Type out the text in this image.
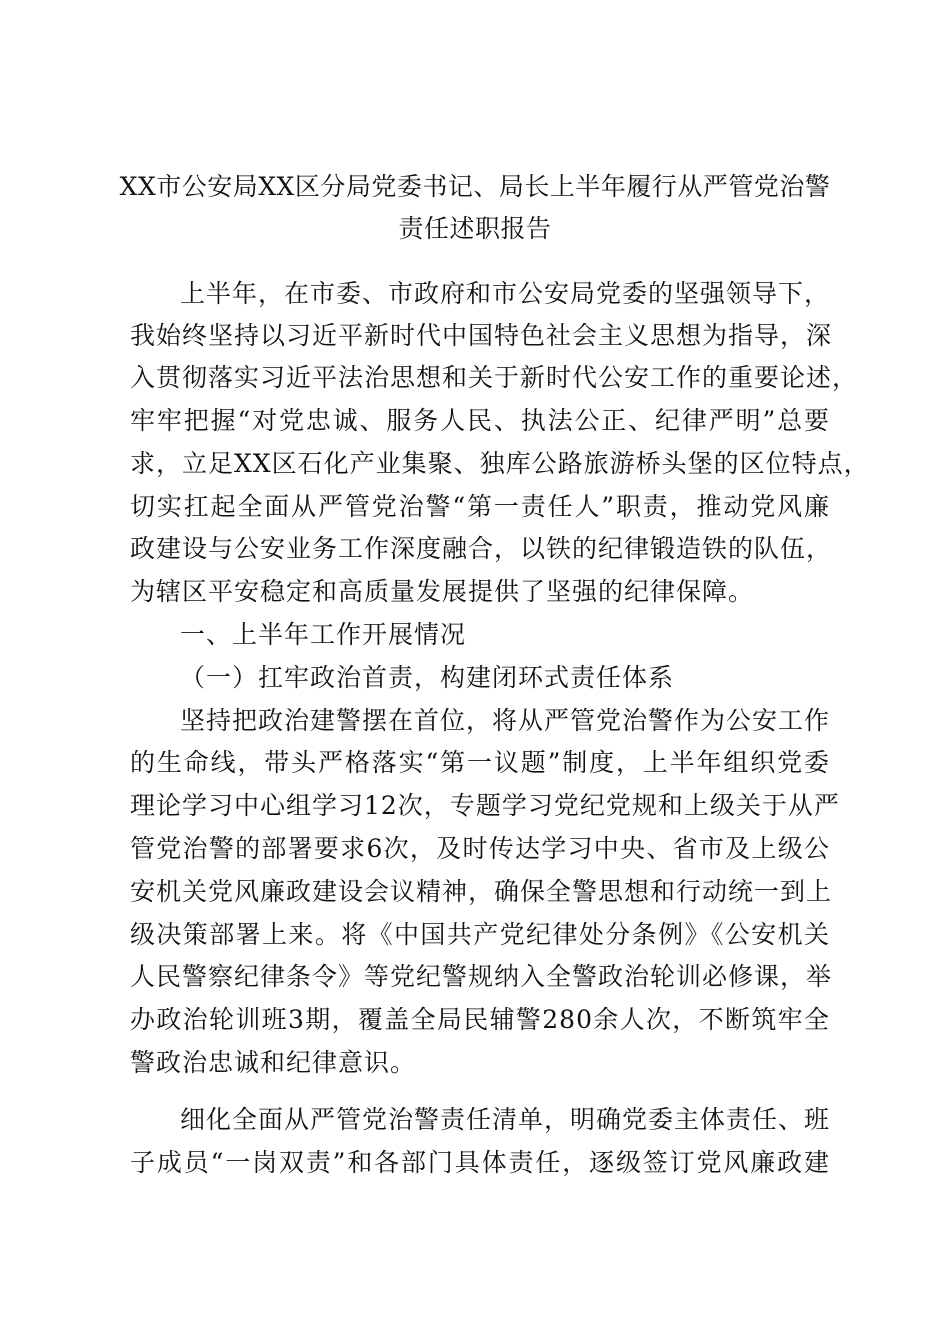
XX市公安局XX区分局党委书记、局长上半年履行从严管党治警
责任述职报告
上半年，在市委、市政府和市公安局党委的坚强领导下，
我始终坚持以习近平新时代中国特色社会主义思想为指导，深
入贯彻落实习近平法治思想和关于新时代公安工作的重要论述，
牢牢把握“对党忠诚、服务人民、执法公正、纪律严明”总要
求，立足XX区石化产业集聚、独库公路旅游桥头堡的区位特点，
切实扛起全面从严管党治警“第一责任人”职责，推动党风廉
政建设与公安业务工作深度融合，以铁的纪律锻造铁的队伍，
为辖区平安稳定和高质量发展提供了坚强的纪律保障。
一、上半年工作开展情况
（一）扛牢政治首责，构建闭环式责任体系
坚持把政治建警摆在首位，将从严管党治警作为公安工作
的生命线，带头严格落实“第一议题”制度，上半年组织党委
理论学习中心组学习12次，专题学习党纪党规和上级关于从严
管党治警的部署要求6次，及时传达学习中央、省市及上级公
安机关党风廉政建设会议精神，确保全警思想和行动统一到上
级决策部署上来。将《中国共产党纪律处分条例》《公安机关
人民警察纪律条令》等党纪警规纳入全警政治轮训必修课，举
办政治轮训班3期，覆盖全局民辅警280余人次，不断筑牢全
警政治忠诚和纪律意识。
细化全面从严管党治警责任清单，明确党委主体责任、班
子成员“一岗双责”和各部门具体责任，逐级签订党风廉政建
